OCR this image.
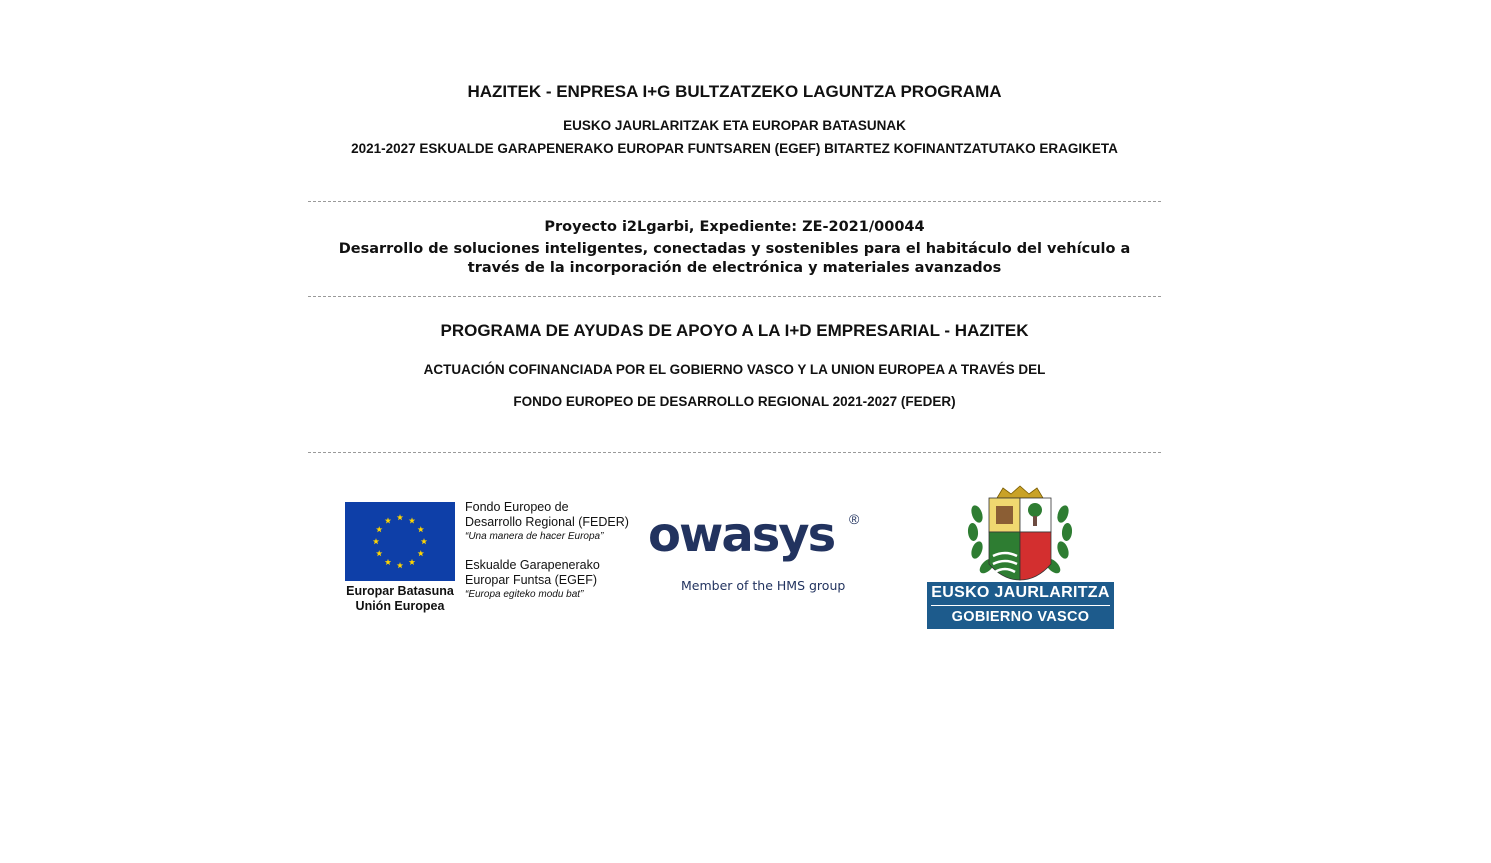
HAZITEK - ENPRESA I+G BULTZATZEKO LAGUNTZA PROGRAMA
EUSKO JAURLARITZAK ETA EUROPAR BATASUNAK
2021-2027 ESKUALDE GARAPENERAKO EUROPAR FUNTSAREN (EGEF) BITARTEZ KOFINANTZATUTAKO ERAGIKETA
Proyecto i2Lgarbi, Expediente: ZE-2021/00044
Desarrollo de soluciones inteligentes, conectadas y sostenibles para el habitáculo del vehículo a
través de la incorporación de electrónica y materiales avanzados
PROGRAMA DE AYUDAS DE APOYO A LA I+D EMPRESARIAL - HAZITEK
ACTUACIÓN COFINANCIADA POR EL GOBIERNO VASCO Y LA UNION EUROPEA A TRAVÉS DEL
FONDO EUROPEO DE DESARROLLO REGIONAL 2021-2027 (FEDER)
Europar Batasuna
Unión Europea
Fondo Europeo de
Desarrollo Regional (FEDER)
“Una manera de hacer Europa”
Eskualde Garapenerako
Europar Funtsa (EGEF)
“Europa egiteko modu bat”
owasys ®
Member of the HMS group	EUSKO JAURLARITZA
GOBIERNO VASCO
